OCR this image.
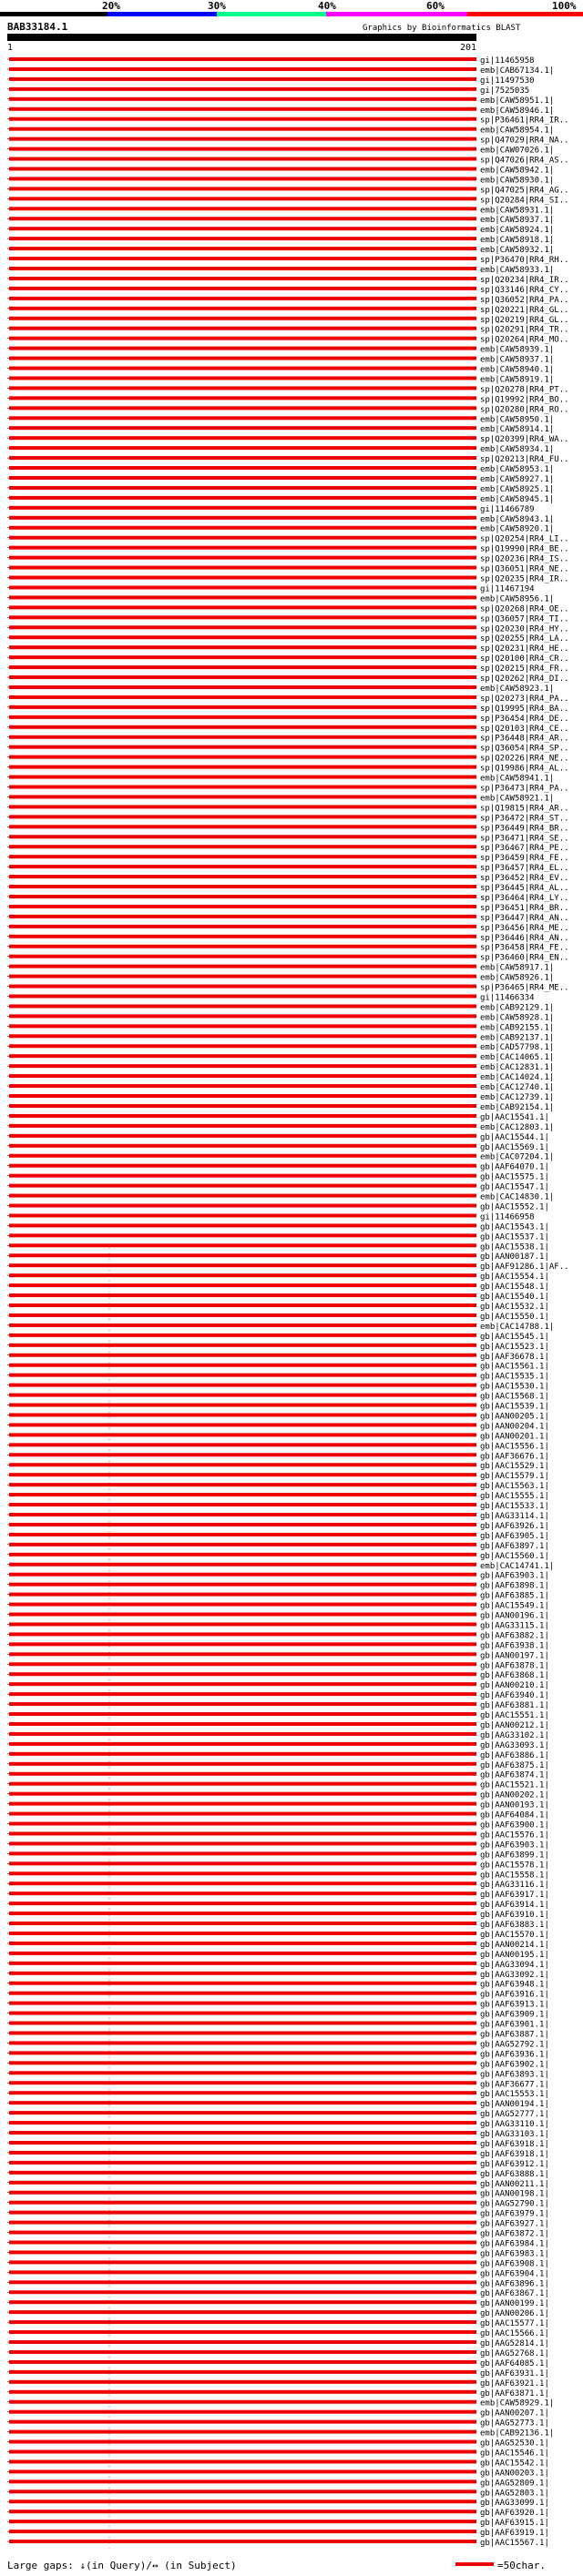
20%	30%	40%	60%	100%
BAB33184.1	Graphics by Bioinformatics BLAST
1	201
gi|11465958
emb|CAB67134.1|
gi|11497530
gi|7525035
emb|CAW58951.1|
emb|CAW58946.1|
sp|P36461|RR4_IR..
emb|CAW58954.1|
sp|Q47029|RR4_NA..
emb|CAW07026.1|
sp|Q47026|RR4_AS..
emb|CAW58942.1|
emb|CAW58930.1|
sp|Q47025|RR4_AG..
sp|Q20284|RR4_SI..
emb|CAW58931.1|
emb|CAW58937.1|
emb|CAW58924.1|
emb|CAW58918.1|
emb|CAW58932.1|
sp|P36470|RR4_RH..
emb|CAW58933.1|
sp|Q20234|RR4_IR..
sp|Q33146|RR4_CY..
sp|Q36052|RR4_PA..
sp|Q20221|RR4_GL..
sp|Q20219|RR4_GL..
sp|Q20291|RR4_TR..
sp|Q20264|RR4_MO..
emb|CAW58939.1|
emb|CAW58937.1|
emb|CAW58940.1|
emb|CAW58919.1|
sp|Q20278|RR4_PT..
sp|Q19992|RR4_BO..
sp|Q20280|RR4_RO..
emb|CAW58950.1|
emb|CAW58914.1|
sp|Q20399|RR4_WA..
emb|CAW58934.1|
sp|Q20213|RR4_FU..
emb|CAW58953.1|
emb|CAW58927.1|
emb|CAW58925.1|
emb|CAW58945.1|
gi|11466789
emb|CAW58943.1|
emb|CAW58920.1|
sp|Q20254|RR4_LI..
sp|Q19990|RR4_BE..
sp|Q20236|RR4_IS..
sp|Q36051|RR4_NE..
sp|Q20235|RR4_IR..
gi|11467194
emb|CAW58956.1|
sp|Q20268|RR4_OE..
sp|Q36057|RR4_TI..
sp|Q20230|RR4_HY..
sp|Q20255|RR4_LA..
sp|Q20231|RR4_HE..
sp|Q20100|RR4_CR..
sp|Q20215|RR4_FR..
sp|Q20262|RR4_DI..
emb|CAW58923.1|
sp|Q20273|RR4_PA..
sp|Q19995|RR4_BA..
sp|P36454|RR4_DE..
sp|Q20103|RR4_CE..
sp|P36448|RR4_AR..
sp|Q36054|RR4_SP..
sp|Q20226|RR4_NE..
sp|Q19986|RR4_AL..
emb|CAW58941.1|
sp|P36473|RR4_PA..
emb|CAW58921.1|
sp|Q19815|RR4_AR..
sp|P36472|RR4_ST..
sp|P36449|RR4_BR..
sp|P36471|RR4_SE..
sp|P36467|RR4_PE..
sp|P36459|RR4_FE..
sp|P36457|RR4_EL..
sp|P36452|RR4_EV..
sp|P36445|RR4_AL..
sp|P36464|RR4_LY..
sp|P36451|RR4_BR..
sp|P36447|RR4_AN..
sp|P36456|RR4_ME..
sp|P36446|RR4_AN..
sp|P36458|RR4_FE..
sp|P36460|RR4_EN..
emb|CAW58917.1|
emb|CAW58926.1|
sp|P36465|RR4_ME..
gi|11466334
emb|CAB92129.1|
emb|CAW58928.1|
emb|CAB92155.1|
emb|CAB92137.1|
emb|CAD57798.1|
emb|CAC14065.1|
emb|CAC12831.1|
emb|CAC14024.1|
emb|CAC12740.1|
emb|CAC12739.1|
emb|CAB92154.1|
gb|AAC15541.1|
emb|CAC12803.1|
gb|AAC15544.1|
gb|AAC15569.1|
emb|CAC07204.1|
gb|AAF64070.1|
gb|AAC15575.1|
gb|AAC15547.1|
emb|CAC14830.1|
gb|AAC15552.1|
gi|11466958
gb|AAC15543.1|
gb|AAC15537.1|
gb|AAC15538.1|
gb|AAN00187.1|
gb|AAF91286.1|AF..
gb|AAC15554.1|
gb|AAC15548.1|
gb|AAC15540.1|
gb|AAC15532.1|
gb|AAC15550.1|
emb|CAC14788.1|
gb|AAC15545.1|
gb|AAC15523.1|
gb|AAF36678.1|
gb|AAC15561.1|
gb|AAC15535.1|
gb|AAC15530.1|
gb|AAC15568.1|
gb|AAC15539.1|
gb|AAN00205.1|
gb|AAN00204.1|
gb|AAN00201.1|
gb|AAC15556.1|
gb|AAF36676.1|
gb|AAC15529.1|
gb|AAC15579.1|
gb|AAC15563.1|
gb|AAC15555.1|
gb|AAC15533.1|
gb|AAG33114.1|
gb|AAF63926.1|
gb|AAF63905.1|
gb|AAF63897.1|
gb|AAC15560.1|
emb|CAC14741.1|
gb|AAF63903.1|
gb|AAF63898.1|
gb|AAF63885.1|
gb|AAC15549.1|
gb|AAN00196.1|
gb|AAG33115.1|
gb|AAF63882.1|
gb|AAF63938.1|
gb|AAN00197.1|
gb|AAF63878.1|
gb|AAF63868.1|
gb|AAN00210.1|
gb|AAF63940.1|
gb|AAF63881.1|
gb|AAC15551.1|
gb|AAN00212.1|
gb|AAG33102.1|
gb|AAG33093.1|
gb|AAF63886.1|
gb|AAF63875.1|
gb|AAF63874.1|
gb|AAC15521.1|
gb|AAN00202.1|
gb|AAN00193.1|
gb|AAF64084.1|
gb|AAF63900.1|
gb|AAC15576.1|
gb|AAF63903.1|
gb|AAF63899.1|
gb|AAC15578.1|
gb|AAC15558.1|
gb|AAG33116.1|
gb|AAF63917.1|
gb|AAF63914.1|
gb|AAF63910.1|
gb|AAF63883.1|
gb|AAC15570.1|
gb|AAN00214.1|
gb|AAN00195.1|
gb|AAG33094.1|
gb|AAG33092.1|
gb|AAF63948.1|
gb|AAF63916.1|
gb|AAF63913.1|
gb|AAF63909.1|
gb|AAF63901.1|
gb|AAF63887.1|
gb|AAG52792.1|
gb|AAF63936.1|
gb|AAF63902.1|
gb|AAF63893.1|
gb|AAF36677.1|
gb|AAC15553.1|
gb|AAN00194.1|
gb|AAG52777.1|
gb|AAG33110.1|
gb|AAG33103.1|
gb|AAF63918.1|
gb|AAF63918.1|
gb|AAF63912.1|
gb|AAF63888.1|
gb|AAN00211.1|
gb|AAN00198.1|
gb|AAG52790.1|
gb|AAF63979.1|
gb|AAF63927.1|
gb|AAF63872.1|
gb|AAF63984.1|
gb|AAF63983.1|
gb|AAF63908.1|
gb|AAF63904.1|
gb|AAF63896.1|
gb|AAF63867.1|
gb|AAN00199.1|
gb|AAN00206.1|
gb|AAC15577.1|
gb|AAC15566.1|
gb|AAG52814.1|
gb|AAG52768.1|
gb|AAF64085.1|
gb|AAF63931.1|
gb|AAF63921.1|
gb|AAF63871.1|
emb|CAW58929.1|
gb|AAN00207.1|
gb|AAG52773.1|
emb|CAB92136.1|
gb|AAG52530.1|
gb|AAC15546.1|
gb|AAC15542.1|
gb|AAN00203.1|
gb|AAG52809.1|
gb|AAG52803.1|
gb|AAG33099.1|
gb|AAF63920.1|
gb|AAF63915.1|
gb|AAF63919.1|
gb|AAC15567.1|
Large gaps: ↓(in Query)/↔ (in Subject)	=50char.
